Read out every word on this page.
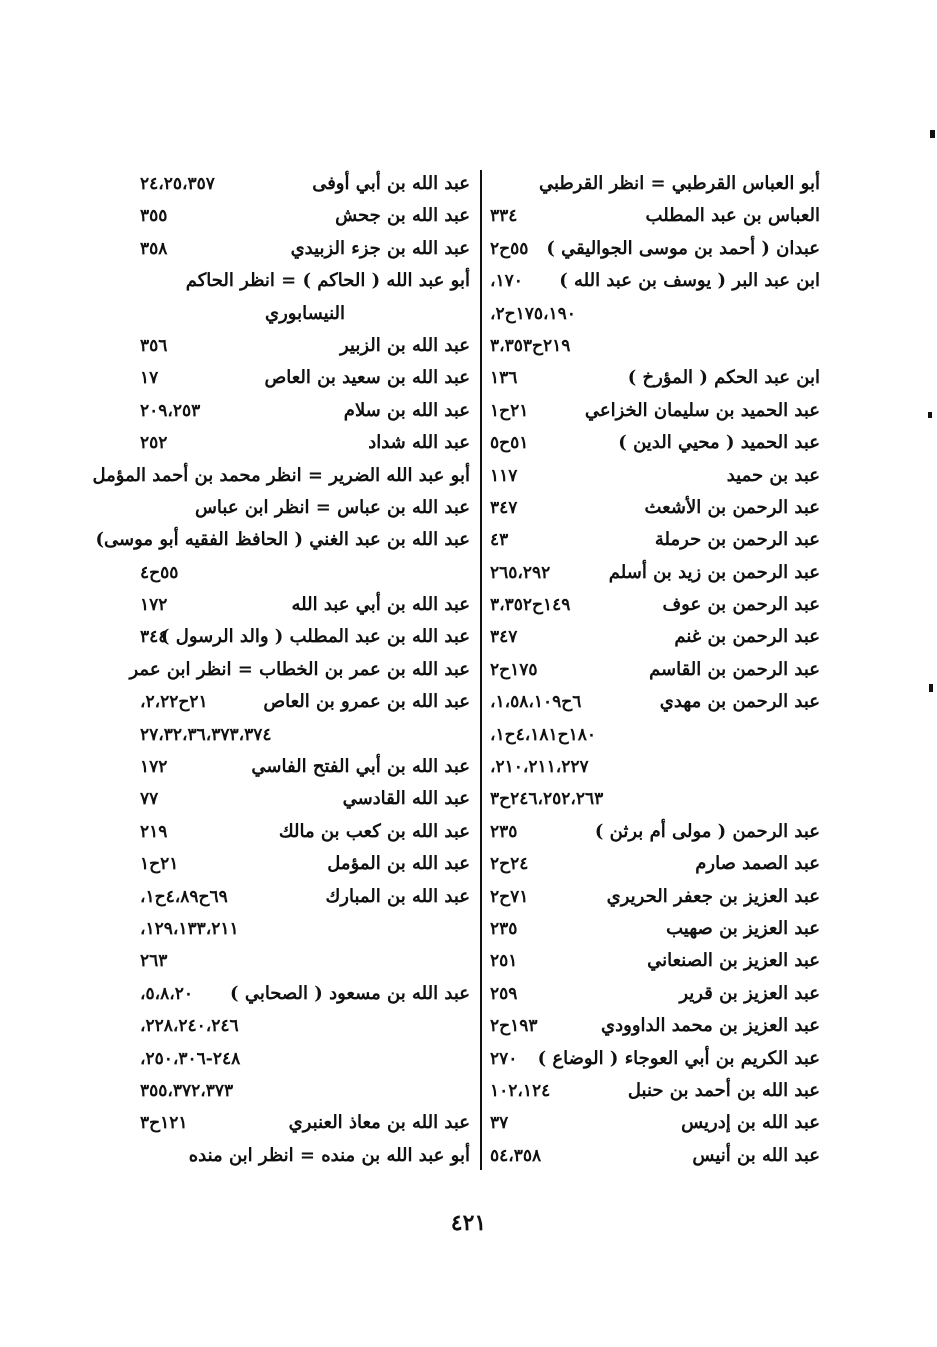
أبو العباس القرطبي = انظر القرطبي
العباس بن عبد المطلب
٣٣٤
عبدان ( أحمد بن موسى الجواليقي )
٥٥ح٢
ابن عبد البر ( يوسف بن عبد الله )
١٧٠،
١٧٥،١٩٠ح٢،
٢١٩ح٣،٣٥٣
ابن عبد الحكم ( المؤرخ )
١٣٦
عبد الحميد بن سليمان الخزاعي
٢١ح١
عبد الحميد ( محيي الدين )
٥١ح٥
عبد بن حميد
١١٧
عبد الرحمن بن الأشعث
٣٤٧
عبد الرحمن بن حرملة
٤٣
عبد الرحمن بن زيد بن أسلم
٢٦٥،٢٩٢
عبد الرحمن بن عوف
١٤٩ح٣،٣٥٢
عبد الرحمن بن غنم
٣٤٧
عبد الرحمن بن القاسم
١٧٥ح٢
عبد الرحمن بن مهدي
٦ح١،٥٨،١٠٩،
١٨٠ح٤،١٨١ح١،
٢١٠،٢١١،٢٢٧،
٢٤٦،٢٥٢،٢٦٣ح٣
عبد الرحمن ( مولى أم برثن )
٢٣٥
عبد الصمد صارم
٢٤ح٢
عبد العزيز بن جعفر الحريري
٧١ح٢
عبد العزيز بن صهيب
٢٣٥
عبد العزيز بن الصنعاني
٢٥١
عبد العزيز بن قرير
٢٥٩
عبد العزيز بن محمد الداوودي
١٩٣ح٢
عبد الكريم بن أبي العوجاء ( الوضاع )
٢٧٠
عبد الله بن أحمد بن حنبل
١٠٢،١٢٤
عبد الله بن إدريس
٣٧
عبد الله بن أنيس
٥٤،٣٥٨
عبد الله بن أبي أوفى
٢٤،٢٥،٣٥٧
عبد الله بن جحش
٣٥٥
عبد الله بن جزء الزبيدي
٣٥٨
أبو عبد الله ( الحاكم ) = انظر الحاكم
النيسابوري
عبد الله بن الزبير
٣٥٦
عبد الله بن سعيد بن العاص
١٧
عبد الله بن سلام
٢٠٩،٢٥٣
عبد الله شداد
٢٥٢
أبو عبد الله الضرير = انظر محمد بن أحمد المؤمل
عبد الله بن عباس = انظر ابن عباس
عبد الله بن عبد الغني ( الحافظ الفقيه أبو موسى)
٥٥ح٤
عبد الله بن أبي عبد الله
١٧٢
عبد الله بن عبد المطلب ( والد الرسول )
٣٤٤
عبد الله بن عمر بن الخطاب = انظر ابن عمر
عبد الله بن عمرو بن العاص
٢١ح٢،٢٢،
٢٧،٣٢،٣٦،٣٧٣،٣٧٤
عبد الله بن أبي الفتح الفاسي
١٧٢
عبد الله القادسي
٧٧
عبد الله بن كعب بن مالك
٢١٩
عبد الله بن المؤمل
٢١ح١
عبد الله بن المبارك
٦٩ح٤،٨٩ح١،
١٢٩،١٣٣،٢١١،
٢٦٣
عبد الله بن مسعود ( الصحابي )
٥،٨،٢٠،
٢٢٨،٢٤٠،٢٤٦،
٢٤٨-٢٥٠،٣٠٦،
٣٥٥،٣٧٢،٣٧٣
عبد الله بن معاذ العنبري
١٢١ح٣
أبو عبد الله بن منده = انظر ابن منده
٤٢١
